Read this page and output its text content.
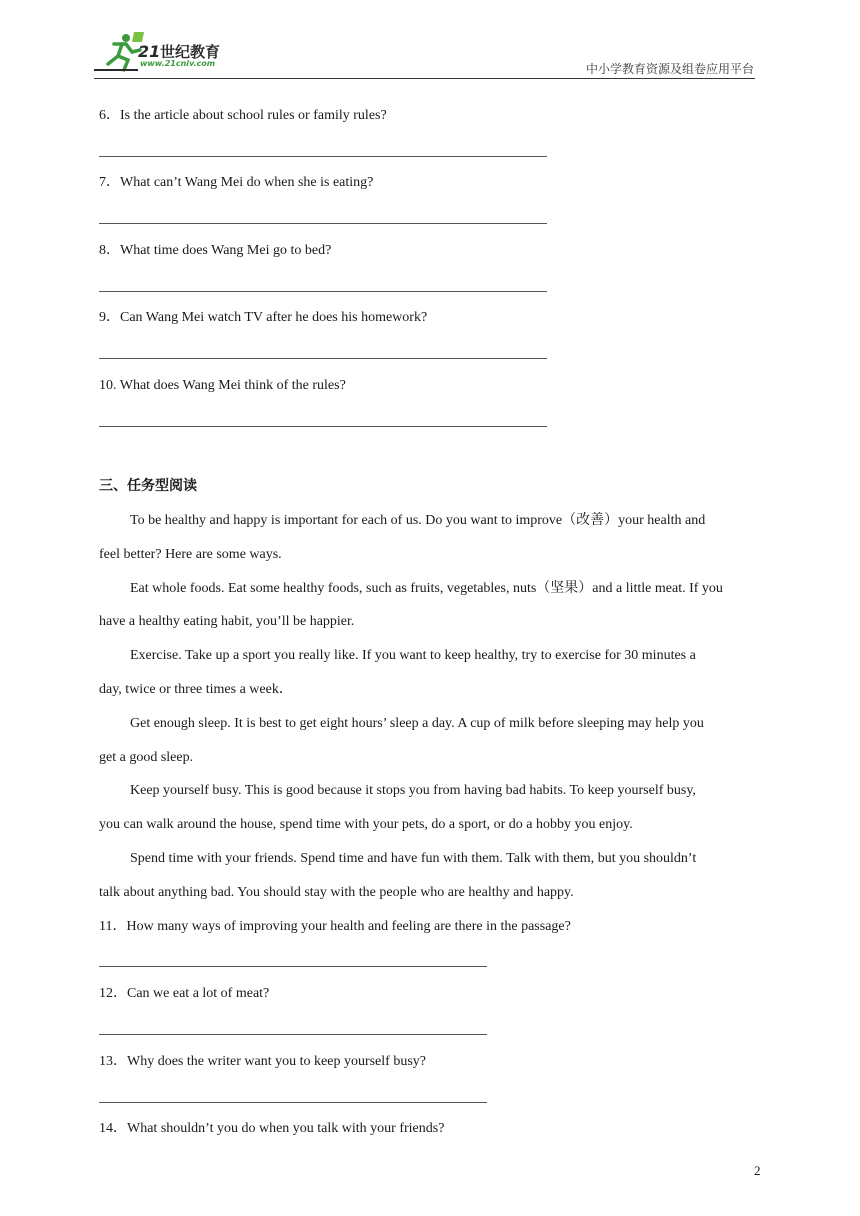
21 世纪教育
www.21cnjy.com	中小学教育资源及组卷应用平台
6．Is the article about school rules or family rules?
7．What can’t Wang Mei do when she is eating?
8．What time does Wang Mei go to bed?
9．Can Wang Mei watch TV after he does his homework?
10. What does Wang Mei think of the rules?
三、任务型阅读
To be healthy and happy is important for each of us. Do you want to improve（改善）your health and
feel better? Here are some ways.
Eat whole foods. Eat some healthy foods, such as fruits, vegetables, nuts（坚果）and a little meat. If you
have a healthy eating habit, you’ll be happier.
Exercise. Take up a sport you really like. If you want to keep healthy, try to exercise for 30 minutes a
day, twice or three times a week．
Get enough sleep. It is best to get eight hours’ sleep a day. A cup of milk before sleeping may help you
get a good sleep.
Keep yourself busy. This is good because it stops you from having bad habits. To keep yourself busy,
you can walk around the house, spend time with your pets, do a sport, or do a hobby you enjoy.
Spend time with your friends. Spend time and have fun with them. Talk with them, but you shouldn’t
talk about anything bad. You should stay with the people who are healthy and happy.
11．How many ways of improving your health and feeling are there in the passage?
12．Can we eat a lot of meat?
13．Why does the writer want you to keep yourself busy?
14．What shouldn’t you do when you talk with your friends?
2
